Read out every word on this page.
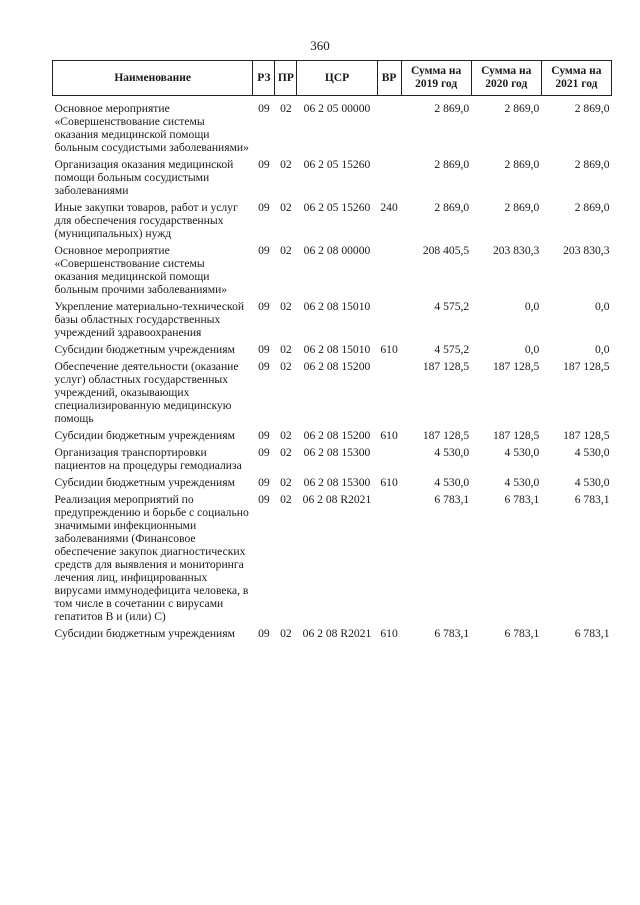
360
Наименование	РЗ	ПР	ЦСР	ВР	Сумма на 2019 год	Сумма на 2020 год	Сумма на 2021 год
Основное мероприятие «Совершенствование системы оказания медицинской помощи больным сосудистыми заболеваниями»	09	02	06 2 05 00000		2 869,0	2 869,0	2 869,0
Организация оказания медицинской помощи больным сосудистыми заболеваниями	09	02	06 2 05 15260		2 869,0	2 869,0	2 869,0
Иные закупки товаров, работ и услуг для обеспечения государственных (муниципальных) нужд	09	02	06 2 05 15260	240	2 869,0	2 869,0	2 869,0
Основное мероприятие «Совершенствование системы оказания медицинской помощи больным прочими заболеваниями»	09	02	06 2 08 00000		208 405,5	203 830,3	203 830,3
Укрепление материально-технической базы областных государственных учреждений здравоохранения	09	02	06 2 08 15010		4 575,2	0,0	0,0
Субсидии бюджетным учреждениям	09	02	06 2 08 15010	610	4 575,2	0,0	0,0
Обеспечение деятельности (оказание услуг) областных государственных учреждений, оказывающих специализированную медицинскую помощь	09	02	06 2 08 15200		187 128,5	187 128,5	187 128,5
Субсидии бюджетным учреждениям	09	02	06 2 08 15200	610	187 128,5	187 128,5	187 128,5
Организация транспортировки пациентов на процедуры гемодиализа	09	02	06 2 08 15300		4 530,0	4 530,0	4 530,0
Субсидии бюджетным учреждениям	09	02	06 2 08 15300	610	4 530,0	4 530,0	4 530,0
Реализация мероприятий по предупреждению и борьбе с социально значимыми инфекционными заболеваниями (Финансовое обеспечение закупок диагностических средств для выявления и мониторинга лечения лиц, инфицированных вирусами иммунодефицита человека, в том числе в сочетании с вирусами гепатитов В и (или) С)	09	02	06 2 08 R2021		6 783,1	6 783,1	6 783,1
Субсидии бюджетным учреждениям	09	02	06 2 08 R2021	610	6 783,1	6 783,1	6 783,1
